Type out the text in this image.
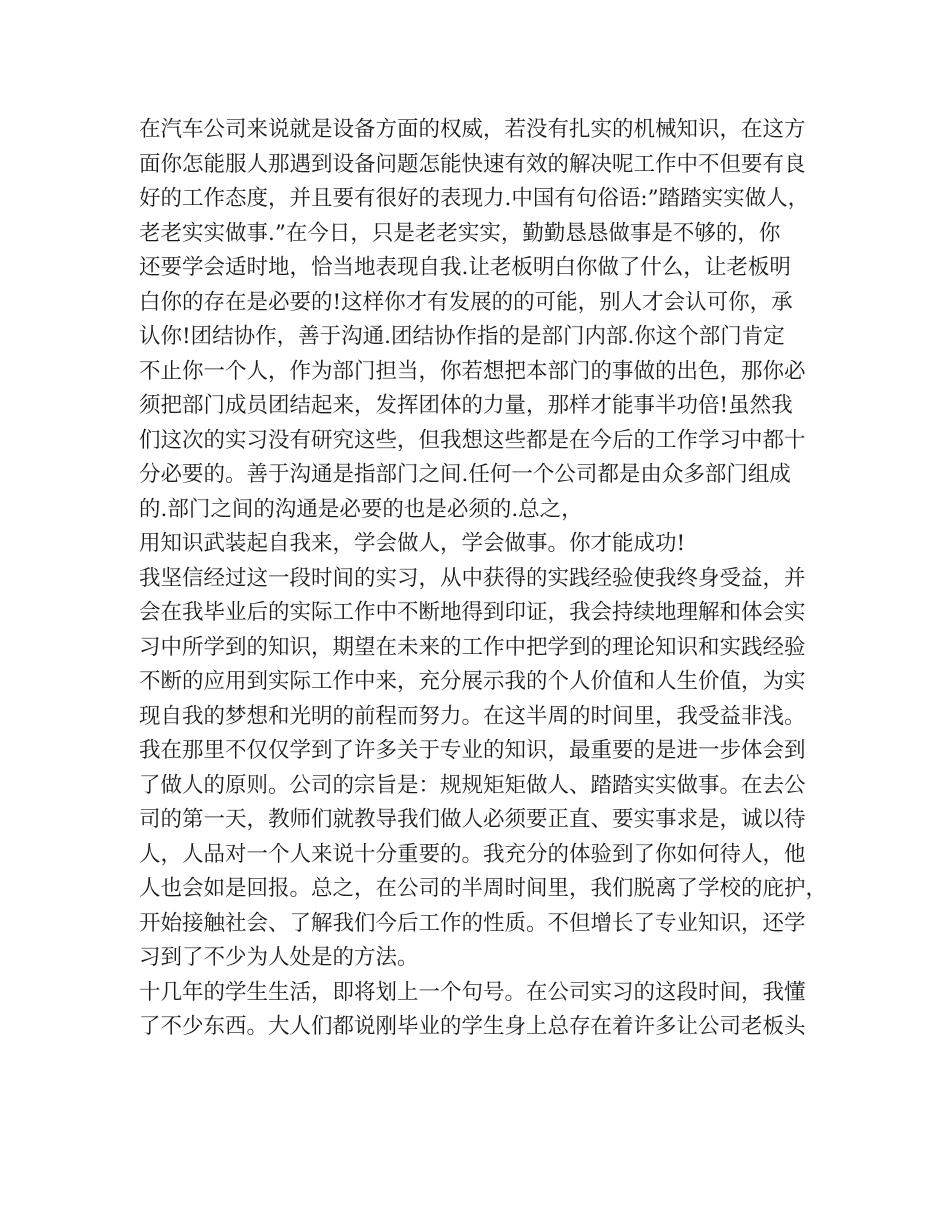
在汽车公司来说就是设备方面的权威，若没有扎实的机械知识，在这方
面你怎能服人那遇到设备问题怎能快速有效的解决呢工作中不但要有良
好的工作态度，并且要有很好的表现力.中国有句俗语:”踏踏实实做人，
老老实实做事.”在今日，只是老老实实，勤勤恳恳做事是不够的，你
还要学会适时地，恰当地表现自我.让老板明白你做了什么，让老板明
白你的存在是必要的!这样你才有发展的的可能，别人才会认可你，承
认你!团结协作，善于沟通.团结协作指的是部门内部.你这个部门肯定
不止你一个人，作为部门担当，你若想把本部门的事做的出色，那你必
须把部门成员团结起来，发挥团体的力量，那样才能事半功倍!虽然我
们这次的实习没有研究这些，但我想这些都是在今后的工作学习中都十
分必要的。善于沟通是指部门之间.任何一个公司都是由众多部门组成
的.部门之间的沟通是必要的也是必须的.总之，
用知识武装起自我来，学会做人，学会做事。你才能成功!
我坚信经过这一段时间的实习，从中获得的实践经验使我终身受益，并
会在我毕业后的实际工作中不断地得到印证，我会持续地理解和体会实
习中所学到的知识，期望在未来的工作中把学到的理论知识和实践经验
不断的应用到实际工作中来，充分展示我的个人价值和人生价值，为实
现自我的梦想和光明的前程而努力。在这半周的时间里，我受益非浅。
我在那里不仅仅学到了许多关于专业的知识，最重要的是进一步体会到
了做人的原则。公司的宗旨是：规规矩矩做人、踏踏实实做事。在去公
司的第一天，教师们就教导我们做人必须要正直、要实事求是，诚以待
人，人品对一个人来说十分重要的。我充分的体验到了你如何待人，他
人也会如是回报。总之，在公司的半周时间里，我们脱离了学校的庇护，
开始接触社会、了解我们今后工作的性质。不但增长了专业知识，还学
习到了不少为人处是的方法。
十几年的学生生活，即将划上一个句号。在公司实习的这段时间，我懂
了不少东西。大人们都说刚毕业的学生身上总存在着许多让公司老板头
